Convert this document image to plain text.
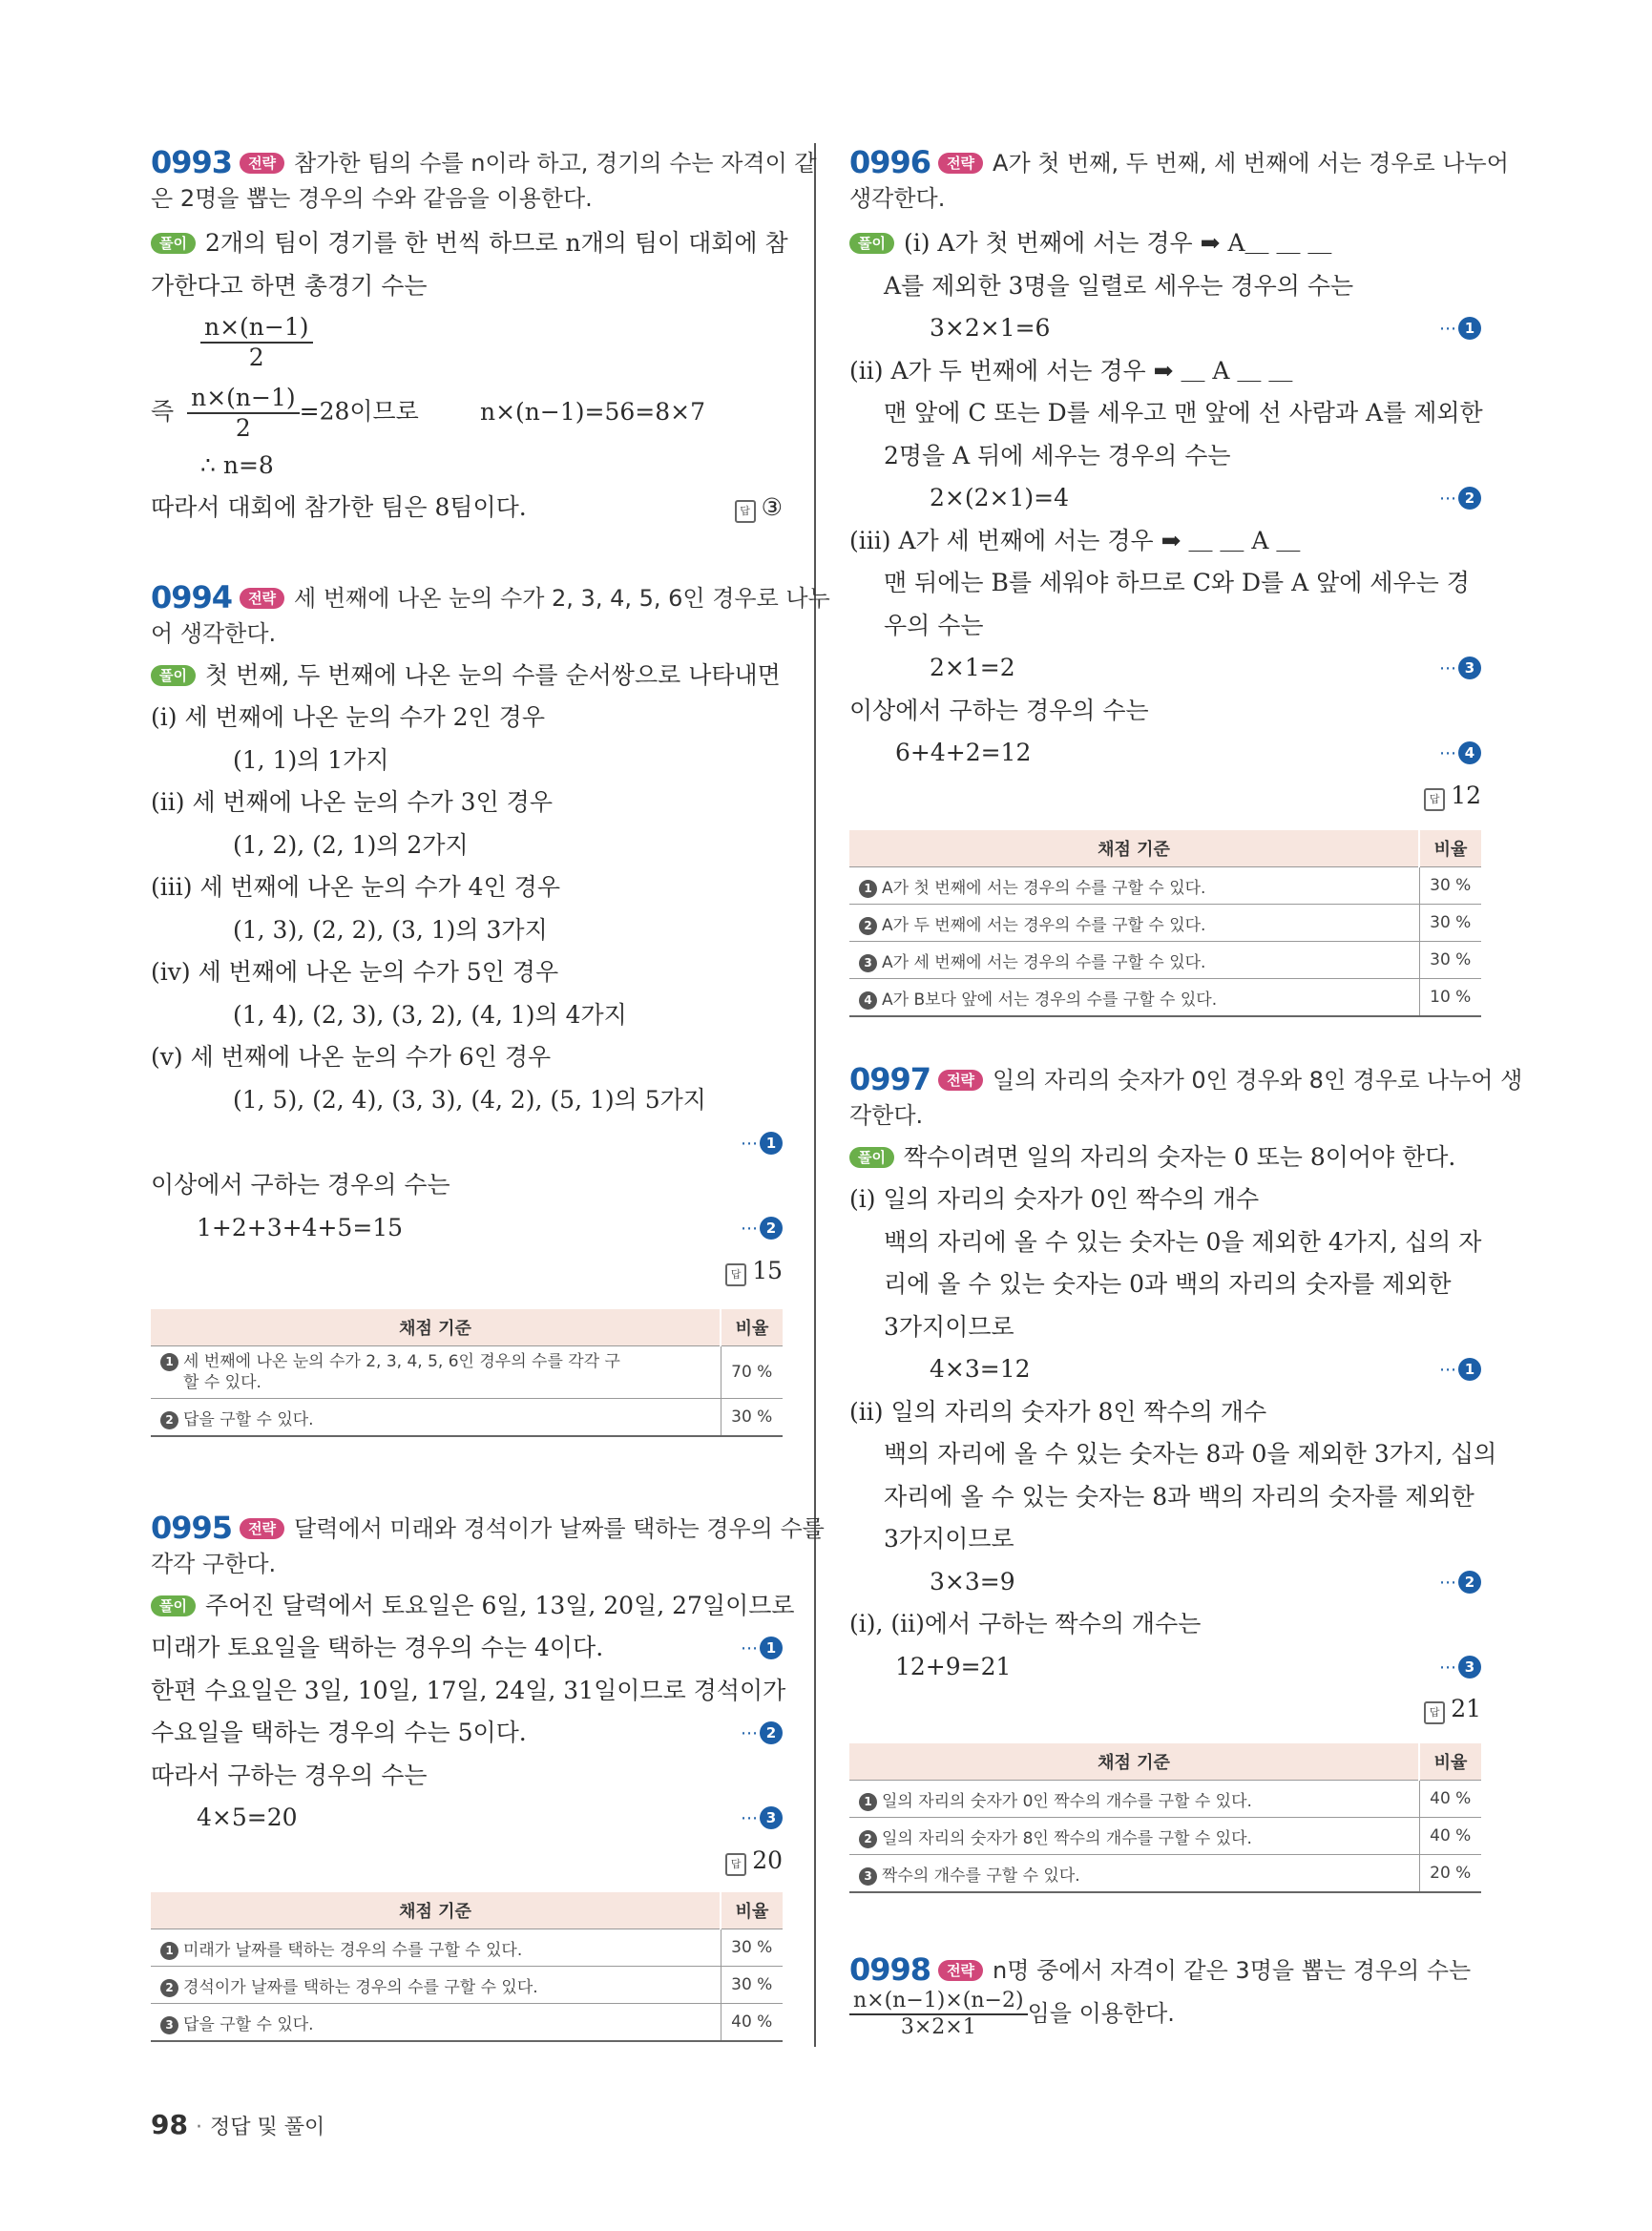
0993 전략 참가한 팀의 수를 n이라 하고, 경기의 수는 자격이 같
은 2명을 뽑는 경우의 수와 같음을 이용한다.
풀이 2개의 팀이 경기를 한 번씩 하므로 n개의 팀이 대회에 참
가한다고 하면 총경기 수는
$\frac{n\times(n-1)}{2}$
즉 $\frac{n\times(n-1)}{2} =28$이므로	n×(n−1)=56=8×7
∴ n=8
따라서 대회에 참가한 팀은 8팀이다.	답 ③
0994 전략 세 번째에 나온 눈의 수가 2, 3, 4, 5, 6인 경우로 나누
어 생각한다.
풀이 첫 번째, 두 번째에 나온 눈의 수를 순서쌍으로 나타내면
(i) 세 번째에 나온 눈의 수가 2인 경우
(1, 1)의 1가지
(ii) 세 번째에 나온 눈의 수가 3인 경우
(1, 2), (2, 1)의 2가지
(iii) 세 번째에 나온 눈의 수가 4인 경우
(1, 3), (2, 2), (3, 1)의 3가지
(iv) 세 번째에 나온 눈의 수가 5인 경우
(1, 4), (2, 3), (3, 2), (4, 1)의 4가지
(v) 세 번째에 나온 눈의 수가 6인 경우
(1, 5), (2, 4), (3, 3), (4, 2), (5, 1)의 5가지
⋯ 1
이상에서 구하는 경우의 수는
1+2+3+4+5=15	⋯ 2
답 15
채점 기준	비율
1 세 번째에 나온 눈의 수가 2, 3, 4, 5, 6인 경우의 수를 각각 구
할 수 있다.	70 %
2 답을 구할 수 있다.	30 %
0995 전략 달력에서 미래와 경석이가 날짜를 택하는 경우의 수를
각각 구한다.
풀이 주어진 달력에서 토요일은 6일, 13일, 20일, 27일이므로
미래가 토요일을 택하는 경우의 수는 4이다.	⋯ 1
한편 수요일은 3일, 10일, 17일, 24일, 31일이므로 경석이가
수요일을 택하는 경우의 수는 5이다.	⋯ 2
따라서 구하는 경우의 수는
4×5=20	⋯ 3
답 20
채점 기준	비율
1 미래가 날짜를 택하는 경우의 수를 구할 수 있다.	30 %
2 경석이가 날짜를 택하는 경우의 수를 구할 수 있다.	30 %
3 답을 구할 수 있다.	40 %
0996 전략 A가 첫 번째, 두 번째, 세 번째에 서는 경우로 나누어
생각한다.
풀이 (i) A가 첫 번째에 서는 경우 ➡ A＿ ＿ ＿
A를 제외한 3명을 일렬로 세우는 경우의 수는
3×2×1=6	⋯ 1
(ii) A가 두 번째에 서는 경우 ➡ ＿ A ＿ ＿
맨 앞에 C 또는 D를 세우고 맨 앞에 선 사람과 A를 제외한
2명을 A 뒤에 세우는 경우의 수는
2×(2×1)=4	⋯ 2
(iii) A가 세 번째에 서는 경우 ➡ ＿ ＿ A ＿
맨 뒤에는 B를 세워야 하므로 C와 D를 A 앞에 세우는 경
우의 수는
2×1=2	⋯ 3
이상에서 구하는 경우의 수는
6+4+2=12	⋯ 4
답 12
채점 기준	비율
1 A가 첫 번째에 서는 경우의 수를 구할 수 있다.	30 %
2 A가 두 번째에 서는 경우의 수를 구할 수 있다.	30 %
3 A가 세 번째에 서는 경우의 수를 구할 수 있다.	30 %
4 A가 B보다 앞에 서는 경우의 수를 구할 수 있다.	10 %
0997 전략 일의 자리의 숫자가 0인 경우와 8인 경우로 나누어 생
각한다.
풀이 짝수이려면 일의 자리의 숫자는 0 또는 8이어야 한다.
(i) 일의 자리의 숫자가 0인 짝수의 개수
백의 자리에 올 수 있는 숫자는 0을 제외한 4가지, 십의 자
리에 올 수 있는 숫자는 0과 백의 자리의 숫자를 제외한
3가지이므로
4×3=12	⋯ 1
(ii) 일의 자리의 숫자가 8인 짝수의 개수
백의 자리에 올 수 있는 숫자는 8과 0을 제외한 3가지, 십의
자리에 올 수 있는 숫자는 8과 백의 자리의 숫자를 제외한
3가지이므로
3×3=9	⋯ 2
(i), (ii)에서 구하는 짝수의 개수는
12+9=21	⋯ 3
답 21
채점 기준	비율
1 일의 자리의 숫자가 0인 짝수의 개수를 구할 수 있다.	40 %
2 일의 자리의 숫자가 8인 짝수의 개수를 구할 수 있다.	40 %
3 짝수의 개수를 구할 수 있다.	20 %
0998 전략 n명 중에서 자격이 같은 3명을 뽑는 경우의 수는
$\frac{n\times(n-1)\times(n-2)}{3\times 2\times 1}$ 임을 이용한다.
98 · 정답 및 풀이
